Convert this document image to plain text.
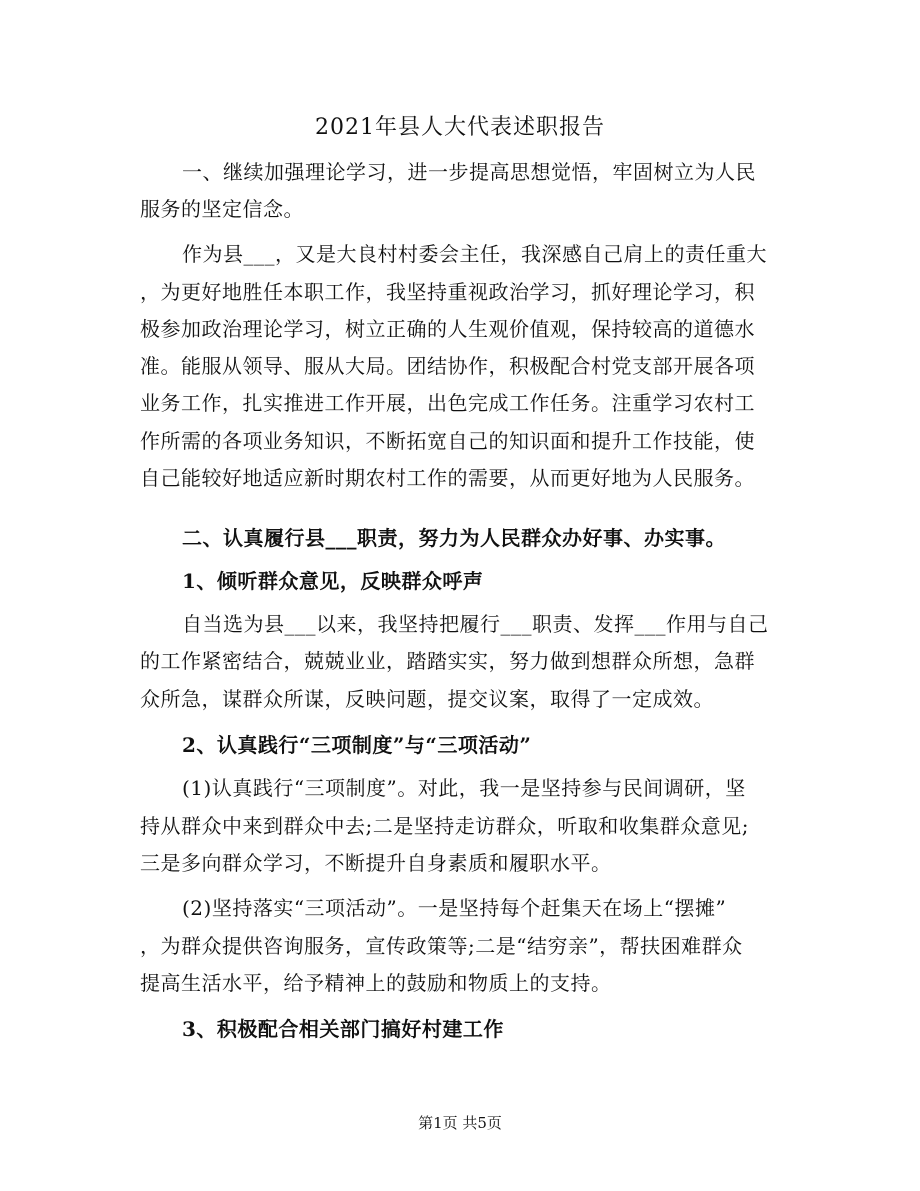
2021年县人大代表述职报告

一、继续加强理论学习，进一步提高思想觉悟，牢固树立为人民

服务的坚定信念。

作为县___，又是大良村村委会主任，我深感自己肩上的责任重大

，为更好地胜任本职工作，我坚持重视政治学习，抓好理论学习，积

极参加政治理论学习，树立正确的人生观价值观，保持较高的道德水

准。能服从领导、服从大局。团结协作，积极配合村党支部开展各项

业务工作，扎实推进工作开展，出色完成工作任务。注重学习农村工

作所需的各项业务知识，不断拓宽自己的知识面和提升工作技能，使

自己能较好地适应新时期农村工作的需要，从而更好地为人民服务。

二、认真履行县___职责，努力为人民群众办好事、办实事。

1、倾听群众意见，反映群众呼声

自当选为县___以来，我坚持把履行___职责、发挥___作用与自己

的工作紧密结合，兢兢业业，踏踏实实，努力做到想群众所想，急群

众所急，谋群众所谋，反映问题，提交议案，取得了一定成效。

2、认真践行“三项制度”与“三项活动”

(1)认真践行“三项制度”。对此，我一是坚持参与民间调研，坚

持从群众中来到群众中去;二是坚持走访群众，听取和收集群众意见;

三是多向群众学习，不断提升自身素质和履职水平。

(2)坚持落实“三项活动”。一是坚持每个赶集天在场上“摆摊”

，为群众提供咨询服务，宣传政策等;二是“结穷亲”，帮扶困难群众

提高生活水平，给予精神上的鼓励和物质上的支持。

3、积极配合相关部门搞好村建工作

第1页 共5页
